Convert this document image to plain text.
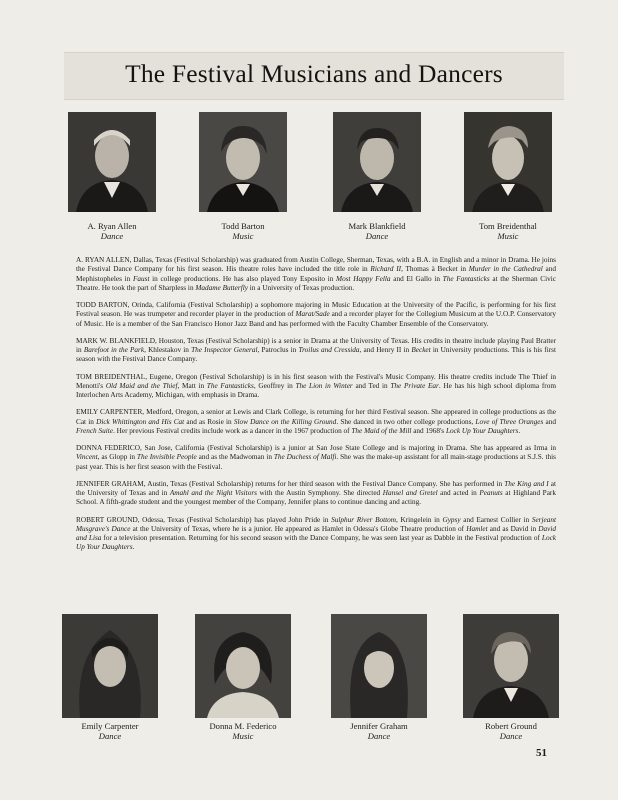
The Festival Musicians and Dancers
A. Ryan Allen
Dance
Todd Barton
Music
Mark Blankfield
Dance
Tom Breidenthal
Music

A. RYAN ALLEN, Dallas, Texas (Festival Scholarship) was graduated from Austin College, Sherman, Texas, with a B.A. in English and a minor in Drama. He joins the Festival Dance Company for his first season. His theatre roles have included the title role in Richard II, Thomas à Becket in Murder in the Cathedral and Mephistopheles in Faust in college productions. He has also played Tony Esposito in Most Happy Fella and El Gallo in The Fantasticks at the Sherman Civic Theatre. He took the part of Sharpless in Madame Butterfly in a University of Texas production.

TODD BARTON, Orinda, California (Festival Scholarship) a sophomore majoring in Music Education at the University of the Pacific, is performing for his first Festival season. He was trumpeter and recorder player in the production of Marat/Sade and a recorder player for the Collegium Musicum at the U.O.P. Conservatory of Music. He is a member of the San Francisco Honor Jazz Band and has performed with the Faculty Chamber Ensemble of the Conservatory.

MARK W. BLANKFIELD, Houston, Texas (Festival Scholarship) is a senior in Drama at the University of Texas. His credits in theatre include playing Paul Bratter in Barefoot in the Park, Khlestakov in The Inspector General, Patroclus in Troilus and Cressida, and Henry II in Becket in University productions. This is his first season with the Festival Dance Company.

TOM BREIDENTHAL, Eugene, Oregon (Festival Scholarship) is in his first season with the Festival's Music Company. His theatre credits include The Thief in Menotti's Old Maid and the Thief, Matt in The Fantasticks, Geoffrey in The Lion in Winter and Ted in The Private Ear. He has his high school diploma from Interlochen Arts Academy, Michigan, with emphasis in Drama.

EMILY CARPENTER, Medford, Oregon, a senior at Lewis and Clark College, is returning for her third Festival season. She appeared in college productions as the Cat in Dick Whittington and His Cat and as Rosie in Slow Dance on the Killing Ground. She danced in two other college productions, Love of Three Oranges and French Suite. Her previous Festival credits include work as a dancer in the 1967 production of The Maid of the Mill and 1968's Lock Up Your Daughters.

DONNA FEDERICO, San Jose, California (Festival Scholarship) is a junior at San Jose State College and is majoring in Drama. She has appeared as Irma in Vincent, as Glopp in The Invisible People and as the Madwoman in The Duchess of Malfi. She was the make-up assistant for all main-stage productions at S.J.S. this past year. This is her first season with the Festival.

JENNIFER GRAHAM, Austin, Texas (Festival Scholarship) returns for her third season with the Festival Dance Company. She has performed in The King and I at the University of Texas and in Amahl and the Night Visitors with the Austin Symphony. She directed Hansel and Gretel and acted in Peanuts at Highland Park School. A fifth-grade student and the youngest member of the Company, Jennifer plans to continue dancing and acting.

ROBERT GROUND, Odessa, Texas (Festival Scholarship) has played John Pride in Sulphur River Bottom, Kringelein in Gypsy and Earnest Collier in Serjeant Musgrave's Dance at the University of Texas, where he is a junior. He appeared as Hamlet in Odessa's Globe Theatre production of Hamlet and as David in David and Lisa for a television presentation. Returning for his second season with the Dance Company, he was seen last year as Dabble in the Festival production of Lock Up Your Daughters.

Emily Carpenter
Dance
Donna M. Federico
Music
Jennifer Graham
Dance
Robert Ground
Dance
51
